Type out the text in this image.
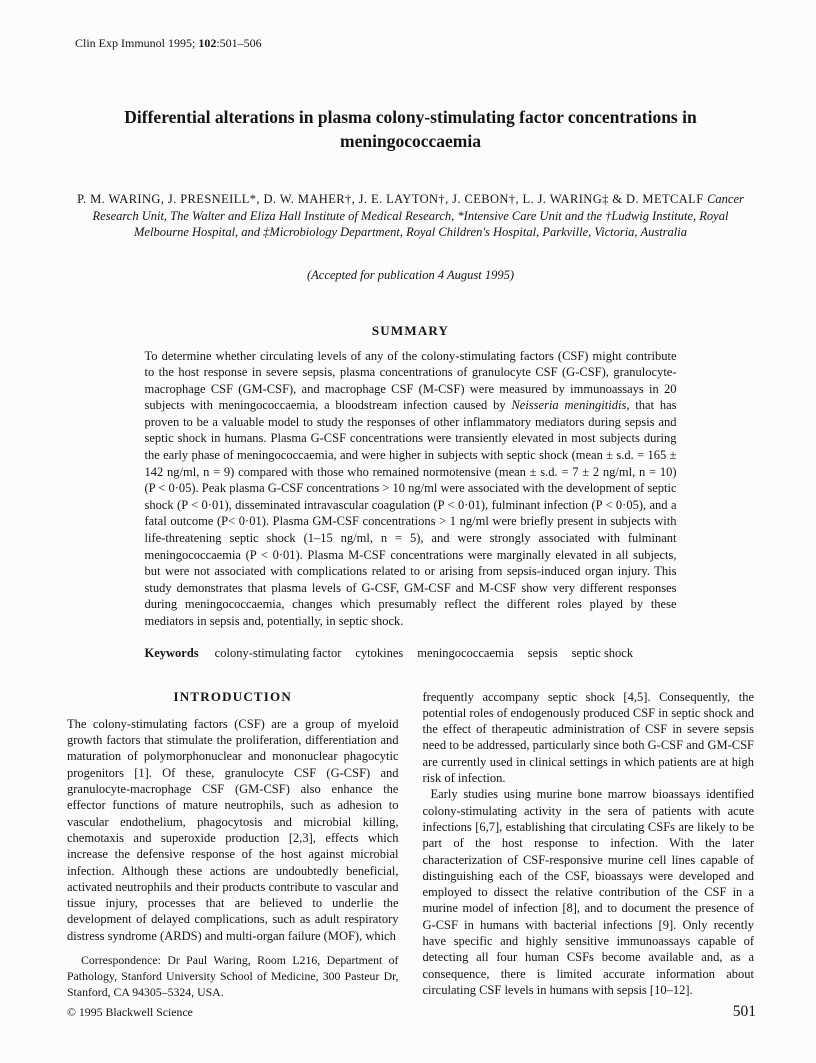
Clin Exp Immunol 1995; 102:501–506
Differential alterations in plasma colony-stimulating factor concentrations in meningococcaemia

P. M. WARING, J. PRESNEILL*, D. W. MAHER†, J. E. LAYTON†, J. CEBON†, L. J. WARING‡ & D. METCALF Cancer Research Unit, The Walter and Eliza Hall Institute of Medical Research, *Intensive Care Unit and the †Ludwig Institute, Royal Melbourne Hospital, and ‡Microbiology Department, Royal Children's Hospital, Parkville, Victoria, Australia

(Accepted for publication 4 August 1995)

SUMMARY

To determine whether circulating levels of any of the colony-stimulating factors (CSF) might contribute to the host response in severe sepsis, plasma concentrations of granulocyte CSF (G-CSF), granulocyte-macrophage CSF (GM-CSF), and macrophage CSF (M-CSF) were measured by immunoassays in 20 subjects with meningococcaemia, a bloodstream infection caused by Neisseria meningitidis, that has proven to be a valuable model to study the responses of other inflammatory mediators during sepsis and septic shock in humans. Plasma G-CSF concentrations were transiently elevated in most subjects during the early phase of meningococcaemia, and were higher in subjects with septic shock (mean ± s.d. = 165 ± 142 ng/ml, n = 9) compared with those who remained normotensive (mean ± s.d. = 7 ± 2 ng/ml, n = 10) (P < 0·05). Peak plasma G-CSF concentrations > 10 ng/ml were associated with the development of septic shock (P < 0·01), disseminated intravascular coagulation (P < 0·01), fulminant infection (P < 0·05), and a fatal outcome (P< 0·01). Plasma GM-CSF concentrations > 1 ng/ml were briefly present in subjects with life-threatening septic shock (1–15 ng/ml, n = 5), and were strongly associated with fulminant meningococcaemia (P < 0·01). Plasma M-CSF concentrations were marginally elevated in all subjects, but were not associated with complications related to or arising from sepsis-induced organ injury. This study demonstrates that plasma levels of G-CSF, GM-CSF and M-CSF show very different responses during meningococcaemia, changes which presumably reflect the different roles played by these mediators in sepsis and, potentially, in septic shock.

Keywords colony-stimulating factor cytokines meningococcaemia sepsis septic shock

INTRODUCTION

The colony-stimulating factors (CSF) are a group of myeloid growth factors that stimulate the proliferation, differentiation and maturation of polymorphonuclear and mononuclear phagocytic progenitors [1]. Of these, granulocyte CSF (G-CSF) and granulocyte-macrophage CSF (GM-CSF) also enhance the effector functions of mature neutrophils, such as adhesion to vascular endothelium, phagocytosis and microbial killing, chemotaxis and superoxide production [2,3], effects which increase the defensive response of the host against microbial infection. Although these actions are undoubtedly beneficial, activated neutrophils and their products contribute to vascular and tissue injury, processes that are believed to underlie the development of delayed complications, such as adult respiratory distress syndrome (ARDS) and multi-organ failure (MOF), which

Correspondence: Dr Paul Waring, Room L216, Department of Pathology, Stanford University School of Medicine, 300 Pasteur Dr, Stanford, CA 94305–5324, USA.

frequently accompany septic shock [4,5]. Consequently, the potential roles of endogenously produced CSF in septic shock and the effect of therapeutic administration of CSF in severe sepsis need to be addressed, particularly since both G-CSF and GM-CSF are currently used in clinical settings in which patients are at high risk of infection.

Early studies using murine bone marrow bioassays identified colony-stimulating activity in the sera of patients with acute infections [6,7], establishing that circulating CSFs are likely to be part of the host response to infection. With the later characterization of CSF-responsive murine cell lines capable of distinguishing each of the CSF, bioassays were developed and employed to dissect the relative contribution of the CSF in a murine model of infection [8], and to document the presence of G-CSF in humans with bacterial infections [9]. Only recently have specific and highly sensitive immunoassays capable of detecting all four human CSFs become available and, as a consequence, there is limited accurate information about circulating CSF levels in humans with sepsis [10–12].

© 1995 Blackwell Science	501
